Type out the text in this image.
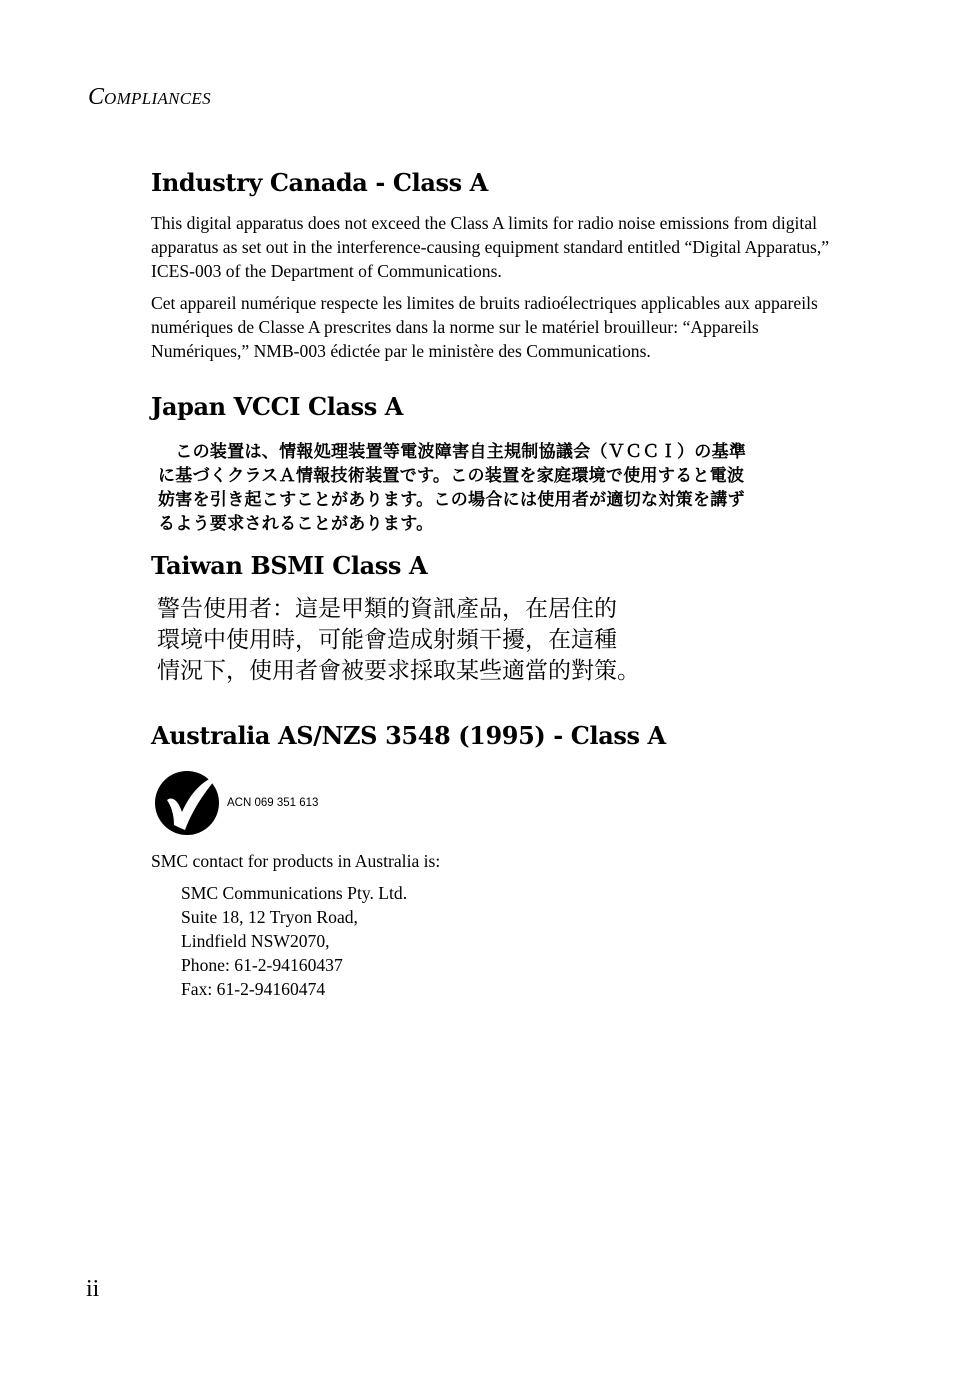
COMPLIANCES
Industry Canada - Class A

This digital apparatus does not exceed the Class A limits for radio noise emissions from digital apparatus as set out in the interference-causing equipment standard entitled “Digital Apparatus,” ICES-003 of the Department of Communications.

Cet appareil numérique respecte les limites de bruits radioélectriques applicables aux appareils numériques de Classe A prescrites dans la norme sur le matériel brouilleur: “Appareils Numériques,” NMB-003 édictée par le ministère des Communications.

Japan VCCI Class A
　この装置は、情報処理装置等電波障害自主規制協議会（ＶＣＣＩ）の基準
に基づくクラスＡ情報技術装置です。この装置を家庭環境で使用すると電波
妨害を引き起こすことがあります。この場合には使用者が適切な対策を講ず
るよう要求されることがあります。
Taiwan BSMI Class A
警告使用者：這是甲類的資訊產品，在居住的
環境中使用時，可能會造成射頻干擾，在這種
情況下，使用者會被要求採取某些適當的對策。
Australia AS/NZS 3548 (1995) - Class A
ACN 069 351 613

SMC contact for products in Australia is:

SMC Communications Pty. Ltd.
Suite 18, 12 Tryon Road,
Lindfield NSW2070,
Phone: 61-2-94160437
Fax: 61-2-94160474
ii
